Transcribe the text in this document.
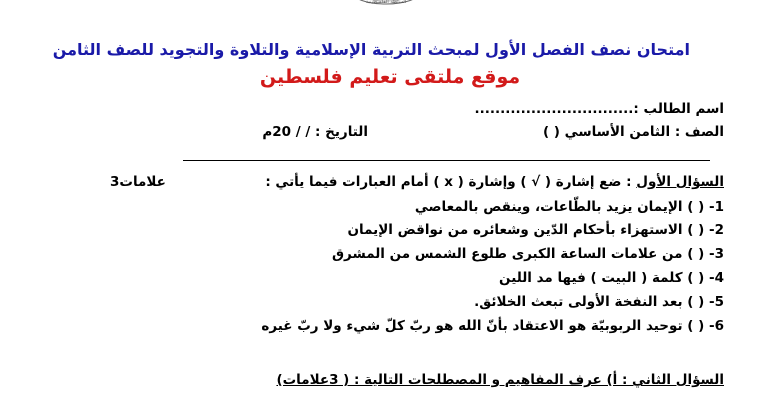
السلطة الفلسطينية
امتحان نصف الفصل الأول لمبحث التربية الإسلامية والتلاوة والتجويد للصف الثامن
موقع ملتقى تعليم فلسطين
اسم الطالب :...............................
الصف : الثامن الأساسي ( )
التاريخ : / / 20م
السؤال الأول : ضع إشارة ( √ ) وإشارة ( x ) أمام العبارات فيما يأتي :
3علامات
1- ( ) الإيمان يزيد بالطّاعات، وينقص بالمعاصي
2- ( ) الاستهزاء بأحكام الدّين وشعائره من نواقض الإيمان
3- ( ) من علامات الساعة الكبرى طلوع الشمس من المشرق
4- ( ) كلمة ( البيت ) فيها مد اللين
5- ( ) بعد النفخة الأولى تبعث الخلائق.
6- ( ) توحيد الربوبيّة هو الاعتقاد بأنّ الله هو ربّ كلّ شيء ولا ربّ غيره
السؤال الثاني : أ) عرف المفاهيم و المصطلحات التالية : ( 3علامات)
